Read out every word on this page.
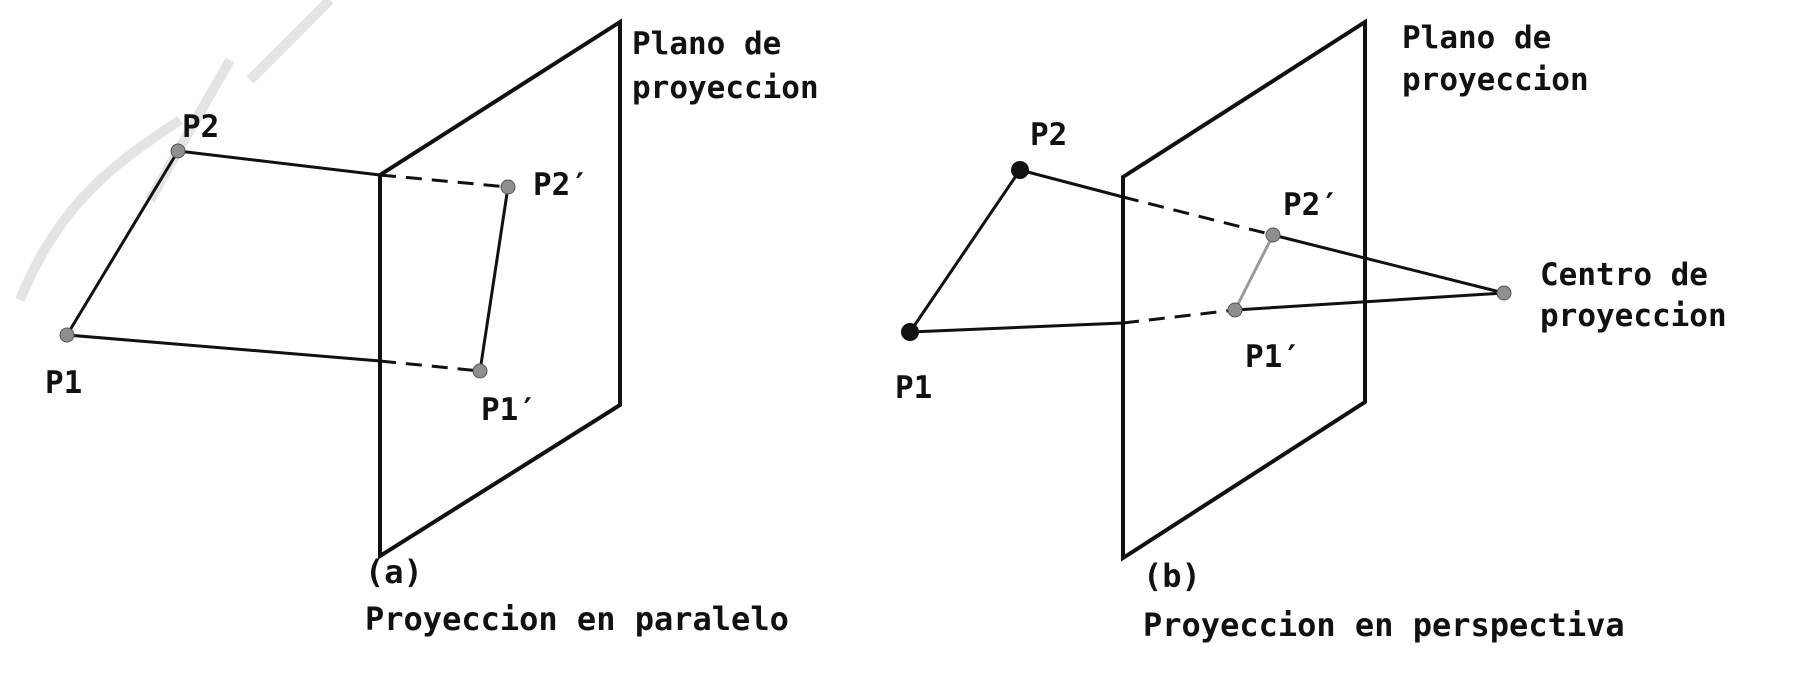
P1
P2
P2′
P1′
Plano de
proyeccion
(a)
Proyeccion en paralelo
P1
P2
P2′
P1′
Plano de
proyeccion
Centro de
proyeccion
(b)
Proyeccion en perspectiva
